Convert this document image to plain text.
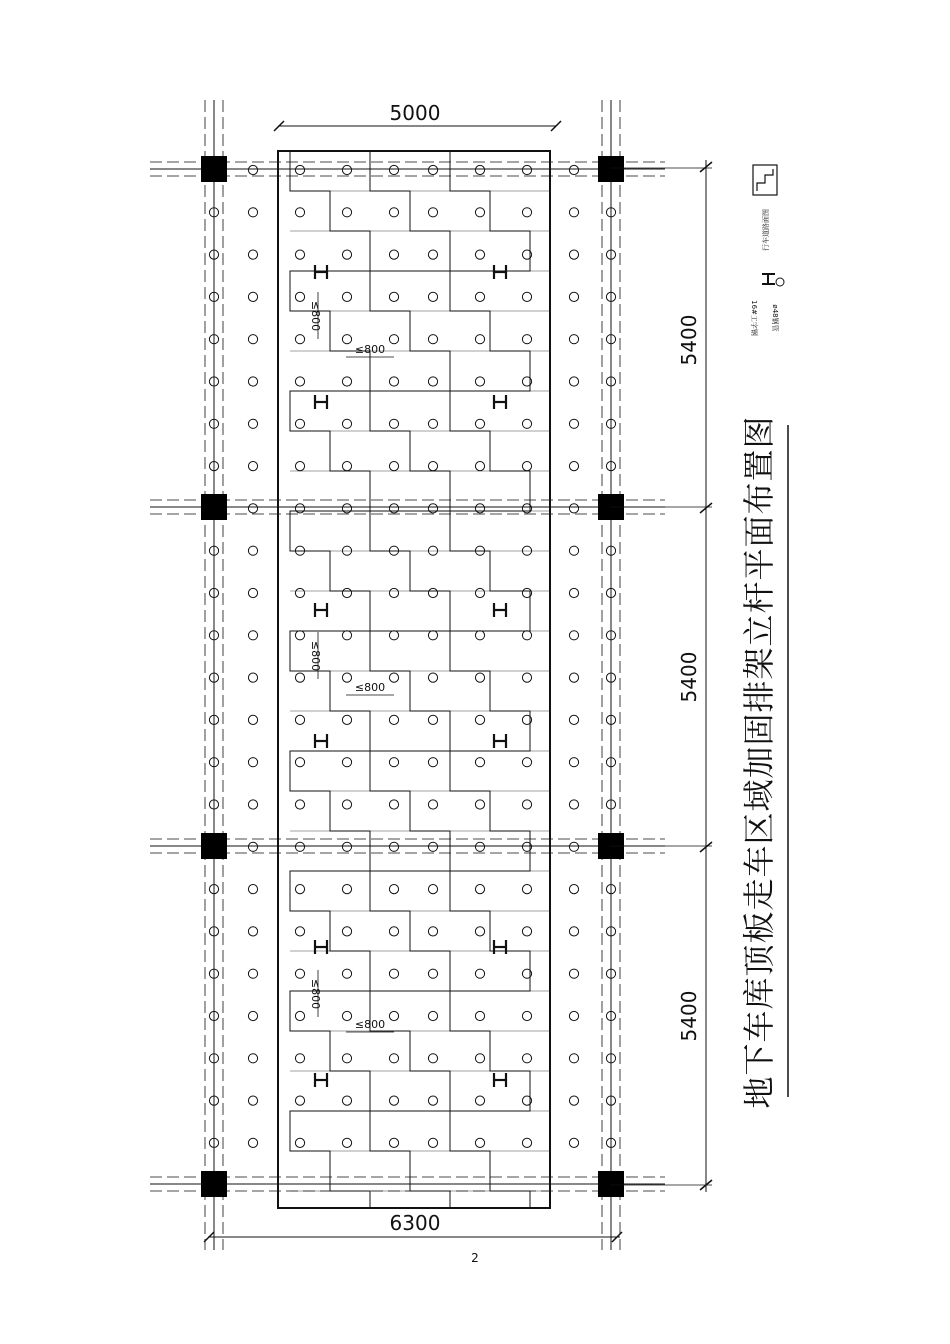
5000
6300
5400
5400
5400
≤800
≤800
≤800
≤800
≤800
≤800
行车道路面图
16#工字钢 ø48钢管
地下车库顶板走车区域加固排架立杆平面布置图
2
